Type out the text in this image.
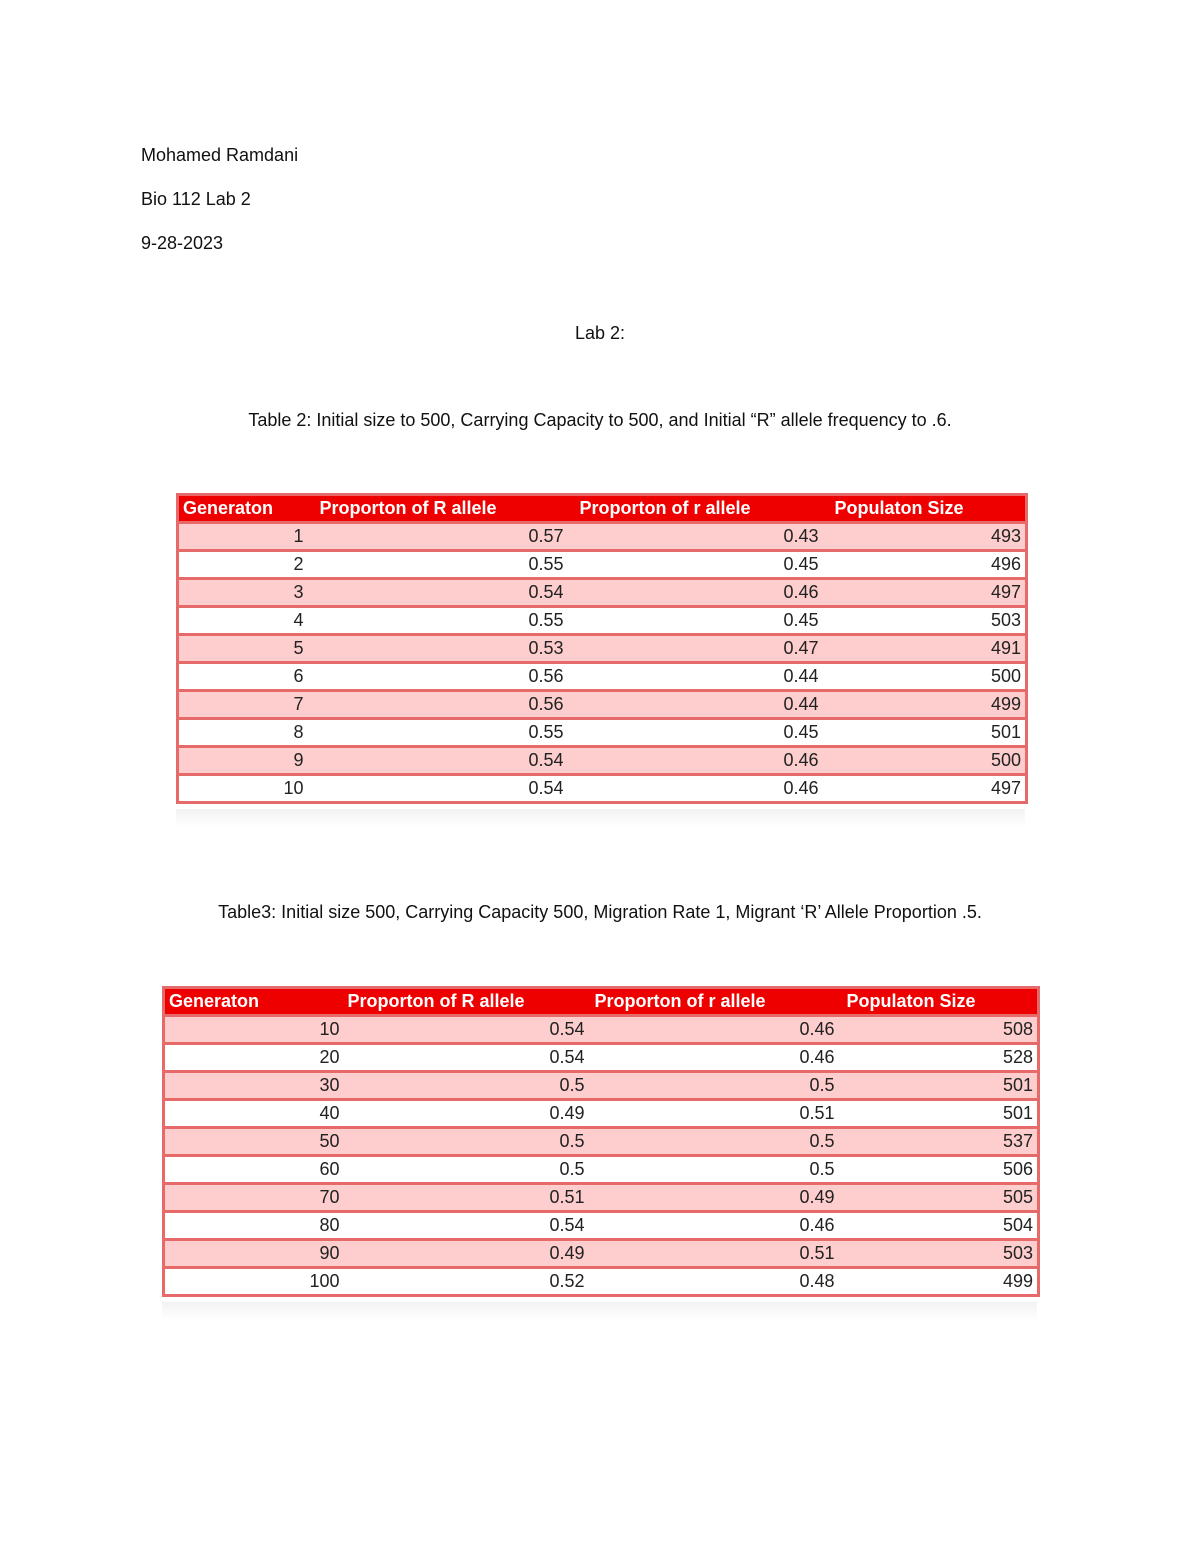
Mohamed Ramdani
Bio 112 Lab 2
9-28-2023
Lab 2:
Table 2: Initial size to 500, Carrying Capacity to 500, and Initial “R” allele frequency to .6.
Generaton	Proporton of R allele	Proporton of r allele	Populaton Size
1	0.57	0.43	493
2	0.55	0.45	496
3	0.54	0.46	497
4	0.55	0.45	503
5	0.53	0.47	491
6	0.56	0.44	500
7	0.56	0.44	499
8	0.55	0.45	501
9	0.54	0.46	500
10	0.54	0.46	497
Table3: Initial size 500, Carrying Capacity 500, Migration Rate 1, Migrant ‘R’ Allele Proportion .5.
Generaton	Proporton of R allele	Proporton of r allele	Populaton Size
10	0.54	0.46	508
20	0.54	0.46	528
30	0.5	0.5	501
40	0.49	0.51	501
50	0.5	0.5	537
60	0.5	0.5	506
70	0.51	0.49	505
80	0.54	0.46	504
90	0.49	0.51	503
100	0.52	0.48	499
